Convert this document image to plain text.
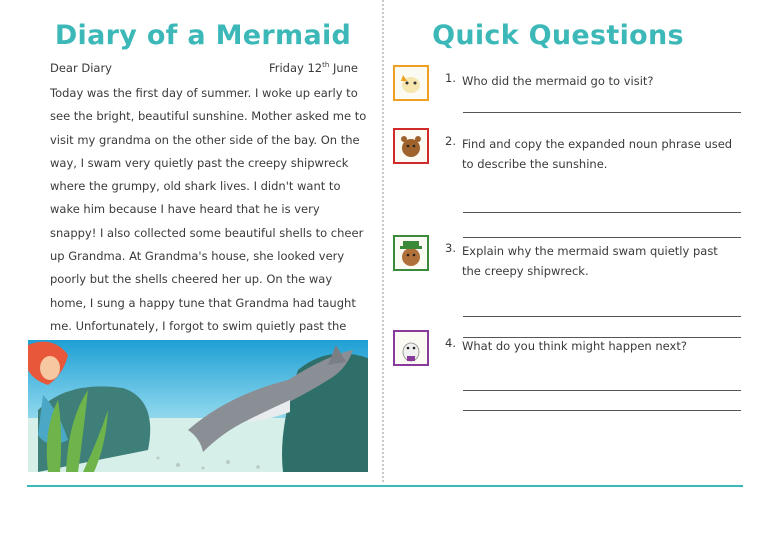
Diary of a Mermaid
Dear Diary	Friday 12th June
Today was the first day of summer. I woke up early to see the bright, beautiful sunshine. Mother asked me to visit my grandma on the other side of the bay. On the way, I swam very quietly past the creepy shipwreck where the grumpy, old shark lives. I didn't want to wake him because I have heard that he is very snappy! I also collected some beautiful shells to cheer up Grandma. At Grandma's house, she looked very poorly but the shells cheered her up. On the way home, I sung a happy tune that Grandma had taught me. Unfortunately, I forgot to swim quietly past the
Quick Questions
1. Who did the mermaid go to visit?
2. Find and copy the expanded noun phrase used to describe the sunshine.
3. Explain why the mermaid swam quietly past the creepy shipwreck.
4. What do you think might happen next?
